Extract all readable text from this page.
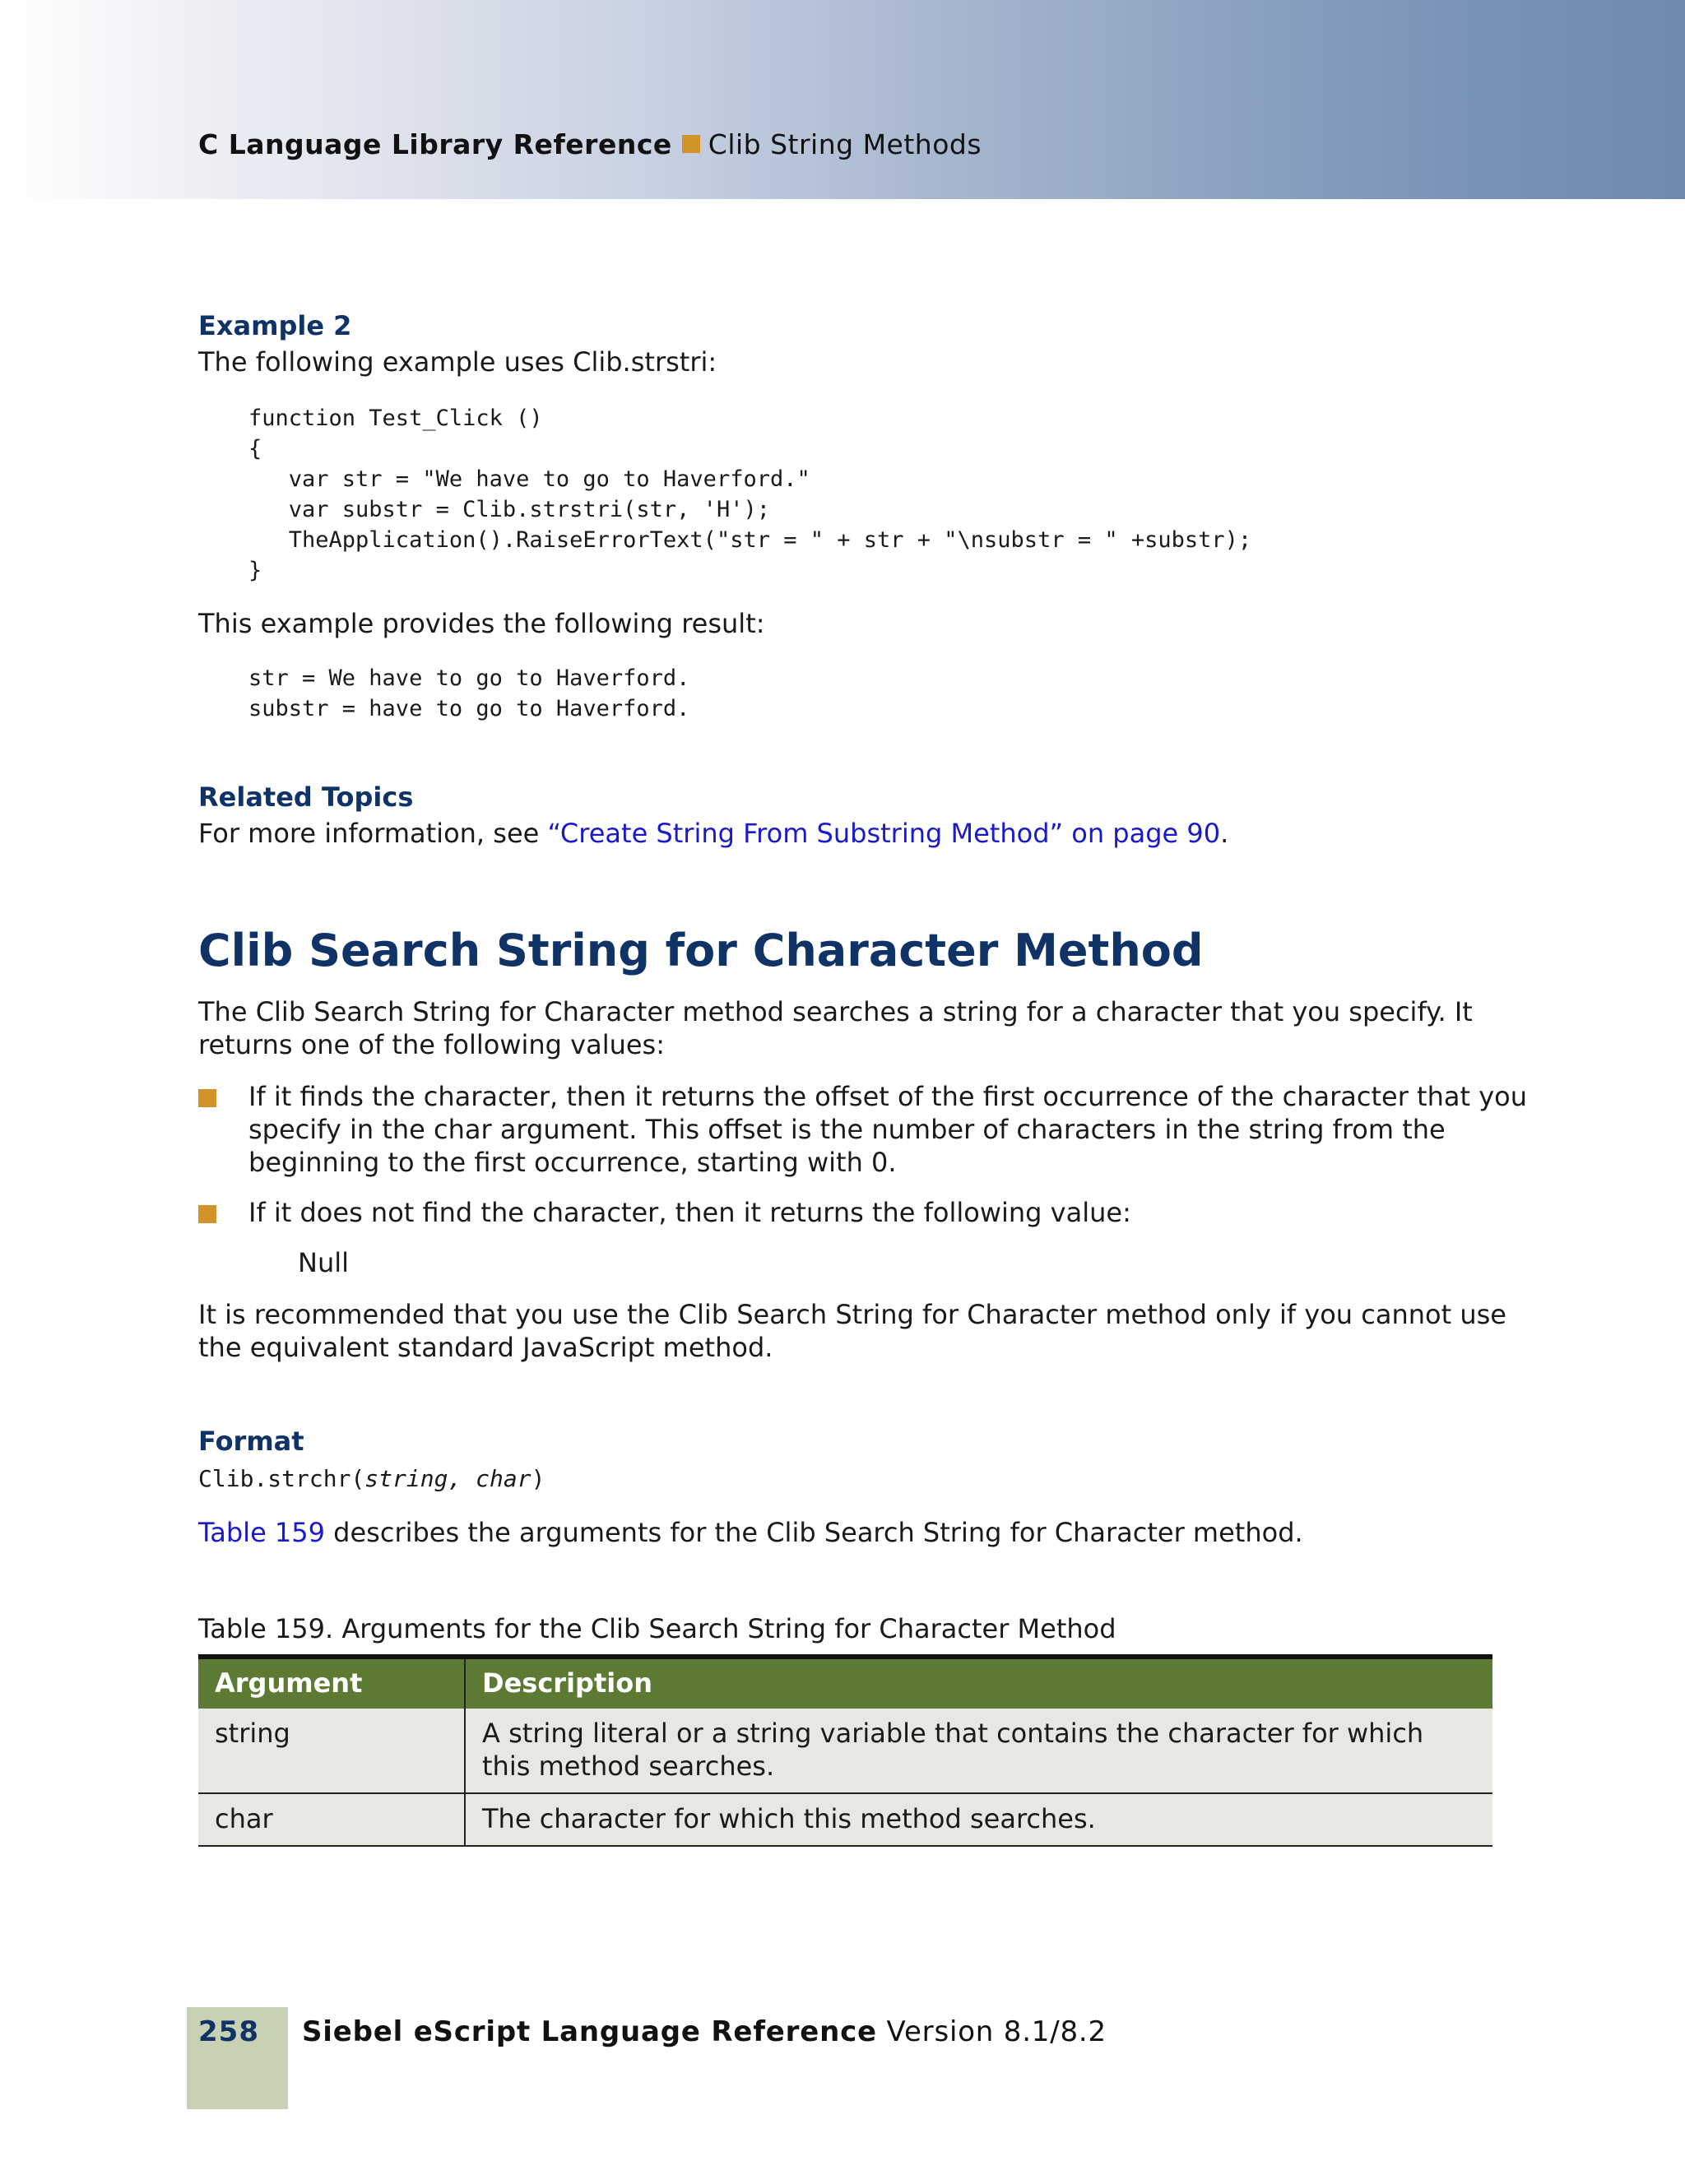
C Language Library Reference Clib String Methods
Example 2
The following example uses Clib.strstri:
function Test_Click ()
{
var str = "We have to go to Haverford."
var substr = Clib.strstri(str, 'H');
TheApplication().RaiseErrorText("str = " + str + "\nsubstr = " +substr);
}
This example provides the following result:
str = We have to go to Haverford.
substr = have to go to Haverford.
Related Topics
For more information, see “Create String From Substring Method” on page 90.
Clib Search String for Character Method
The Clib Search String for Character method searches a string for a character that you specify. It
returns one of the following values:
If it finds the character, then it returns the offset of the first occurrence of the character that you
specify in the char argument. This offset is the number of characters in the string from the
beginning to the first occurrence, starting with 0.
If it does not find the character, then it returns the following value:
Null
It is recommended that you use the Clib Search String for Character method only if you cannot use
the equivalent standard JavaScript method.
Format
Clib.strchr(string, char)
Table 159 describes the arguments for the Clib Search String for Character method.
Table 159. Arguments for the Clib Search String for Character Method
Argument	Description
string	A string literal or a string variable that contains the character for which this method searches.
char	The character for which this method searches.
258 Siebel eScript Language Reference Version 8.1/8.2
